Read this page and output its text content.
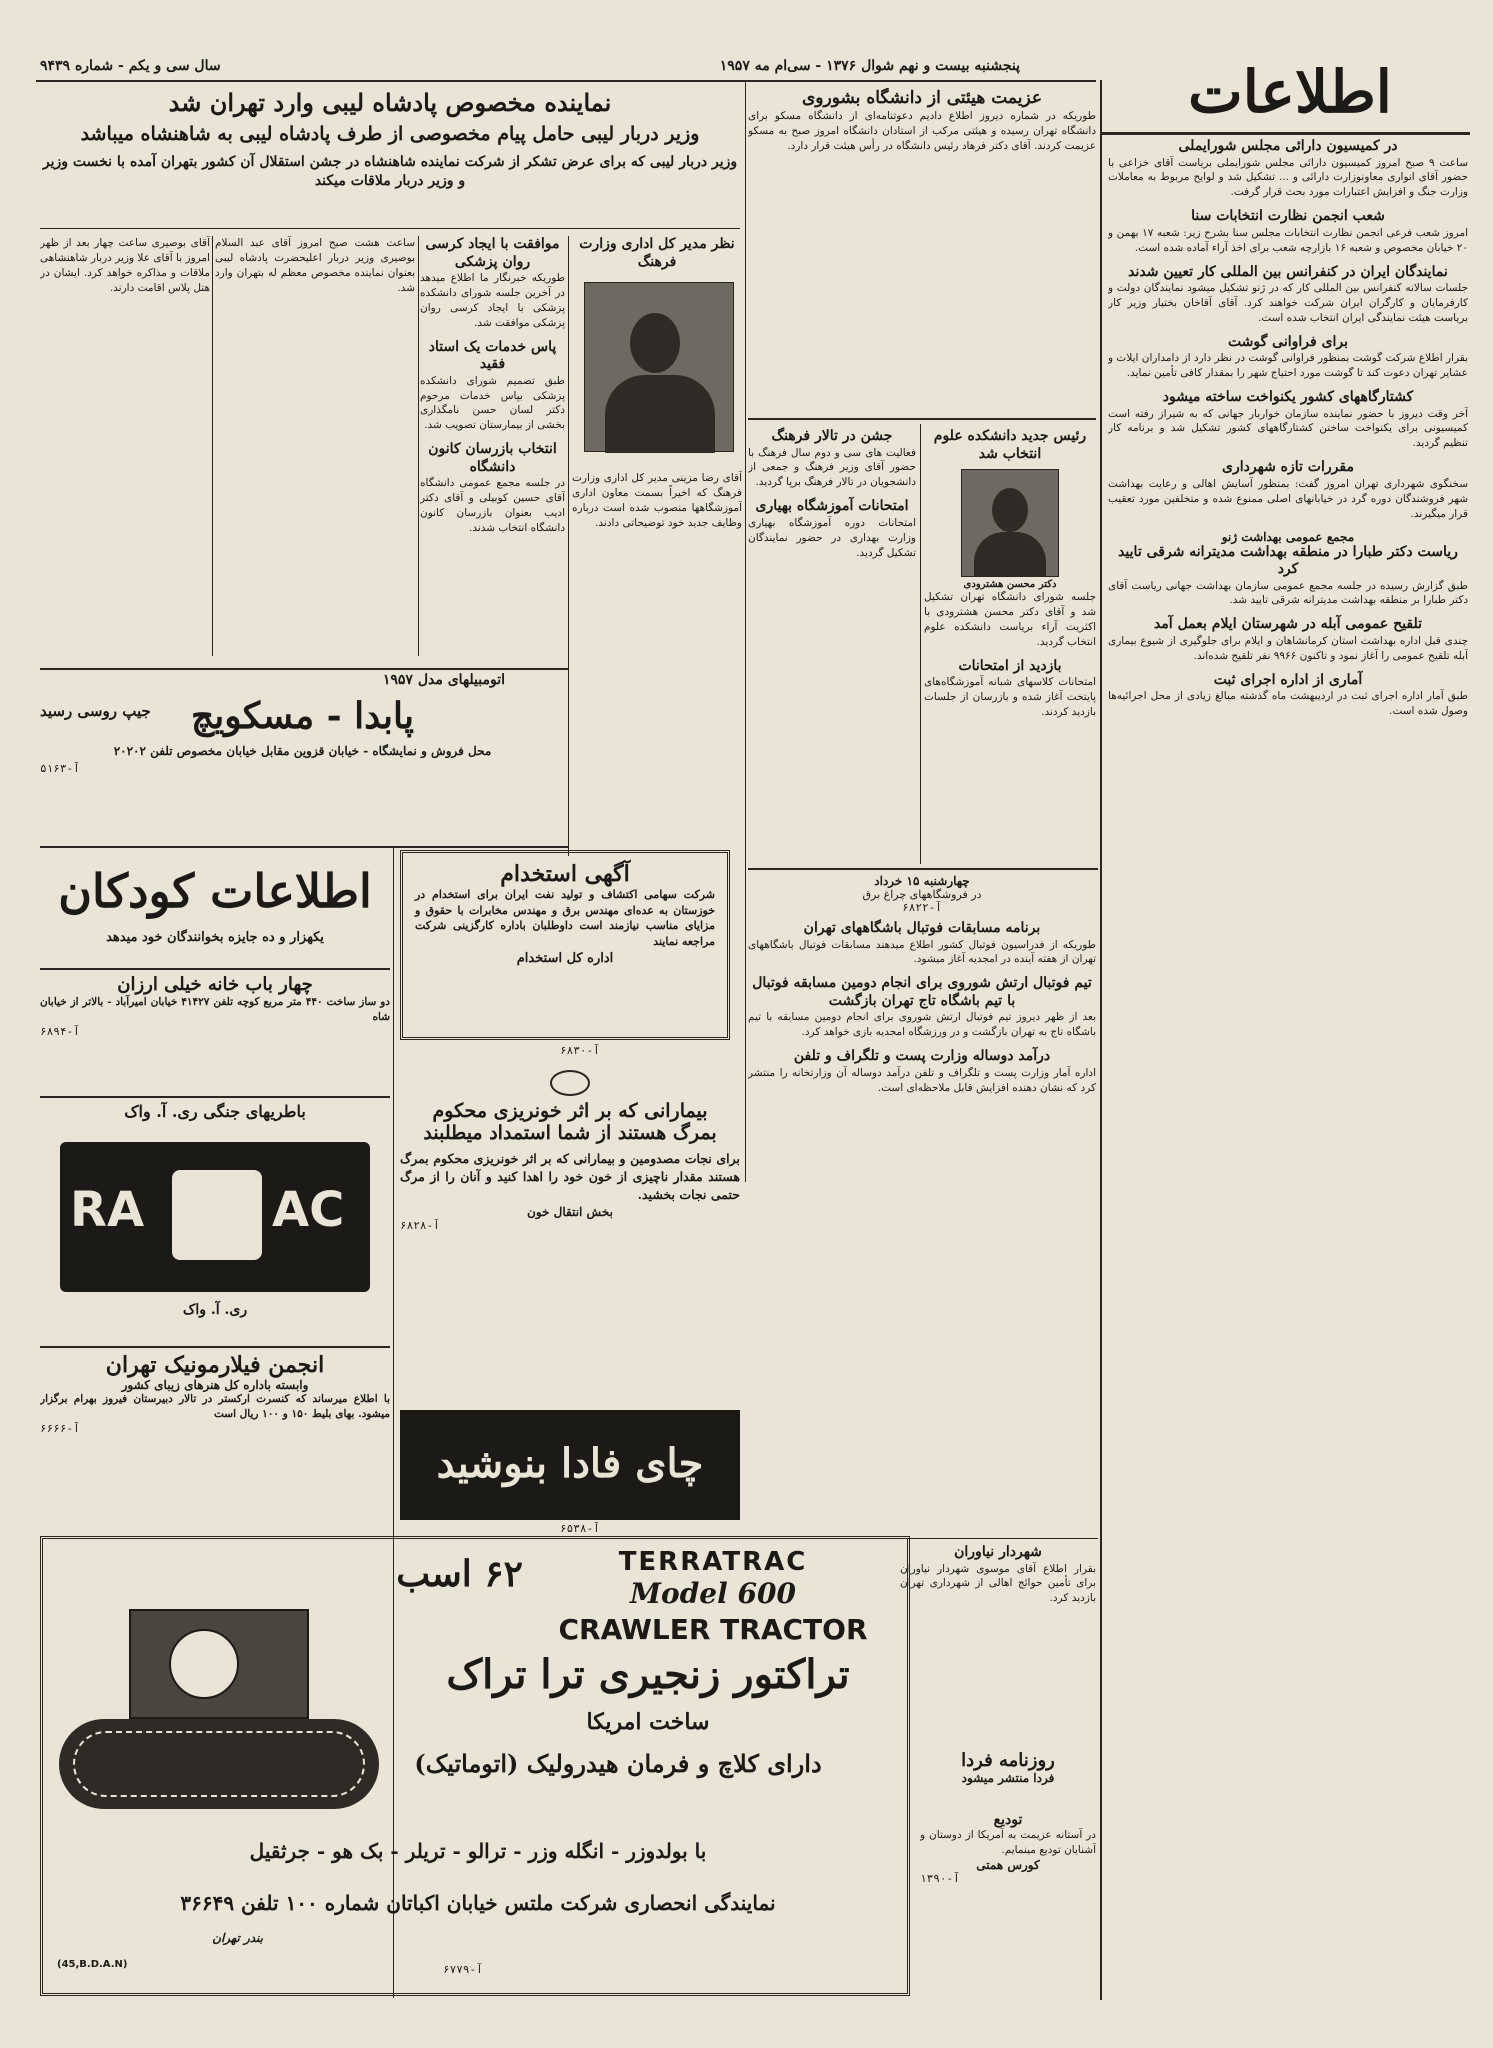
پنجشنبه بیست و نهم شوال ۱۳۷۶ - سی‌ام مه ۱۹۵۷
سال سی و یکم - شماره ۹۴۳۹	اطلاعات
در کمیسیون دارائی مجلس شورایملی
ساعت ۹ صبح امروز کمیسیون دارائی مجلس شورایملی برياست آقای خزاعی با حضور آقای انواری معاونوزارت دارائی و ... تشکیل شد و لوایح مربوط به معاملات وزارت جنگ و افزایش اعتبارات مورد بحث قرار گرفت.
شعب انجمن نظارت انتخابات سنا
امروز شعب فرعی انجمن نظارت انتخابات مجلس سنا بشرح زیر: شعبه ۱۷ بهمن و ۲۰ خیابان مخصوص و شعبه ۱۶ بازارچه شعب برای اخذ آراء آماده شده است.
نمایندگان ایران در کنفرانس بین المللی کار تعیین شدند
جلسات سالانه کنفرانس بین المللی کار که در ژنو تشکیل میشود نمایندگان دولت و کارفرمایان و کارگران ایران شرکت خواهند کرد. آقای آقاخان بختیار وزیر کار بریاست هیئت نمایندگی ایران انتخاب شده است.
برای فراوانی گوشت
بقرار اطلاع شرکت گوشت بمنظور فراوانی گوشت در نظر دارد از دامداران ایلات و عشایر تهران دعوت کند تا گوشت مورد احتیاج شهر را بمقدار کافی تأمین نماید.
کشتارگاههای کشور یکنواخت ساخته میشود
آخر وقت دیروز با حضور نماینده سازمان خواربار جهانی که به شیراز رفته است کمیسیونی برای یکنواخت ساختن کشتارگاههای کشور تشکیل شد و برنامه کار تنظیم گردید.
مقررات تازه شهرداری
سخنگوی شهرداری تهران امروز گفت: بمنظور آسایش اهالی و رعایت بهداشت شهر فروشندگان دوره گرد در خیابانهای اصلی ممنوع شده و متخلفین مورد تعقیب قرار میگیرند.
مجمع عمومی بهداشت ژنو
ریاست دکتر طبارا در منطقه بهداشت مدیترانه شرقی تایید کرد
طبق گزارش رسیده در جلسه مجمع عمومی سازمان بهداشت جهانی ریاست آقای دکتر طبارا بر منطقه بهداشت مدیترانه شرقی تایید شد.
تلقیح عمومی آبله در شهرستان ایلام بعمل آمد
چندی قبل اداره بهداشت استان کرمانشاهان و ایلام برای جلوگیری از شیوع بیماری آبله تلقیح عمومی را آغاز نمود و تاکنون ۹۹۶۶ نفر تلقیح شده‌اند.
آماری از اداره اجرای ثبت
طبق آمار اداره اجرای ثبت در اردیبهشت ماه گذشته مبالغ زیادی از محل اجرائیه‌ها وصول شده است.
نماینده مخصوص پادشاه لیبی وارد تهران شد
وزیر دربار لیبی حامل پیام مخصوصی از طرف پادشاه لیبی به شاهنشاه میباشد
وزیر دربار لیبی که برای عرض تشکر از شرکت نماینده شاهنشاه در جشن استقلال آن کشور بتهران آمده با نخست وزیر و وزیر دربار ملاقات میکند
ساعت هشت صبح امروز آقای عبد السلام بوصیری وزیر دربار اعلیحضرت پادشاه لیبی بعنوان نماینده مخصوص معظم له بتهران وارد شد.
آقای بوصیری ساعت چهار بعد از ظهر امروز با آقای علا وزیر دربار شاهنشاهی ملاقات و مذاکره خواهد کرد. ایشان در هتل پلاس اقامت دارند.
موافقت با ایجاد کرسی روان پزشکی
طوریکه خبرنگار ما اطلاع میدهد در آخرین جلسه شورای دانشکده پزشکی با ایجاد کرسی روان پزشکی موافقت شد.
پاس خدمات یک استاد فقید
طبق تصمیم شورای دانشکده پزشکی بپاس خدمات مرحوم دکتر لسان حسن نامگذاری بخشی از بیمارستان تصویب شد.
انتخاب بازرسان کانون دانشگاه
در جلسه مجمع عمومی دانشگاه آقای حسین کوبیلی و آقای دکتر ادیب بعنوان بازرسان کانون دانشگاه انتخاب شدند.
نظر مدیر کل اداری وزارت فرهنگ
آقای رضا مزینی مدیر کل اداری وزارت فرهنگ که اخیراً بسمت معاون اداری آموزشگاهها منصوب شده است درباره وظایف جدید خود توضیحاتی دادند.
عزیمت هیئتی از دانشگاه بشوروی
طوریکه در شماره دیروز اطلاع دادیم دعوتنامه‌ای از دانشگاه مسکو برای دانشگاه تهران رسیده و هیئتی مرکب از استادان دانشگاه امروز صبح به مسکو عزیمت کردند. آقای دکتر فرهاد رئیس دانشگاه در رأس هیئت قرار دارد.
رئیس جدید دانشکده علوم انتخاب شد
دکتر محسن هشترودی
جلسه شورای دانشگاه تهران تشکیل شد و آقای دکتر محسن هشترودی با اکثریت آراء بریاست دانشکده علوم انتخاب گردید.
بازدید از امتحانات
امتحانات کلاسهای شبانه آموزشگاه‌های پایتخت آغاز شده و بازرسان از جلسات بازدید کردند.
جشن در تالار فرهنگ
فعالیت های سی و دوم سال فرهنگ با حضور آقای وزیر فرهنگ و جمعی از دانشجویان در تالار فرهنگ برپا گردید.
امتحانات آموزشگاه بهیاری
امتحانات دوره آموزشگاه بهیاری وزارت بهداری در حضور نمایندگان تشکیل گردید.
اتومبیلهای مدل ۱۹۵۷
جیپ روسی رسید	پابدا - مسکویچ
محل فروش و نمایشگاه - خیابان قزوین مقابل خیابان مخصوص تلفن ۲۰۲۰۲
آ-۵۱۶۳
اطلاعات کودکان
یکهزار و ده جایزه بخوانندگان خود میدهد
چهار باب خانه خیلی ارزان
دو ساز ساخت ۴۴۰ متر مربع کوچه تلفن ۴۱۴۲۷ خیابان امیرآباد - بالاتر از خیابان شاه
آ-۶۸۹۴
باطریهای جنگی ری. آ. واک
RA	AC
ری. آ. واک
انجمن فیلارمونیک تهران
وابسته باداره کل هنرهای زیبای کشور
با اطلاع میرساند که کنسرت ارکستر در تالار دبیرستان فیروز بهرام برگزار میشود. بهای بلیط ۱۵۰ و ۱۰۰ ریال است
آ-۶۶۶۶
آگهی استخدام
شرکت سهامی اکتشاف و تولید نفت ایران برای استخدام در خوزستان به عده‌ای مهندس برق و مهندس مخابرات با حقوق و مزایای مناسب نیازمند است داوطلبان باداره کارگزینی شرکت مراجعه نمایند
اداره کل استخدام
آ-۶۸۳۰
بیمارانی که بر اثر خونریزی محکوم
بمرگ هستند از شما استمداد میطلبند
برای نجات مصدومین و بیمارانی که بر اثر خونریزی محکوم بمرگ هستند مقدار ناچیزی از خون خود را اهدا کنید و آنان را از مرگ حتمی نجات بخشید.
بخش انتقال خون
آ-۶۸۲۸
چای فادا بنوشید
آ-۶۵۳۸
چهارشنبه ۱۵ خرداد
در فروشگاههای چراغ برق
آ-۶۸۲۲
برنامه مسابقات فوتبال باشگاههای تهران
طوریکه از فدراسیون فوتبال کشور اطلاع میدهند مسابقات فوتبال باشگاههای تهران از هفته آینده در امجدیه آغاز میشود.
تیم فوتبال ارتش شوروی برای انجام دومین مسابقه فوتبال با تیم باشگاه تاج تهران بازگشت
بعد از ظهر دیروز تیم فوتبال ارتش شوروی برای انجام دومین مسابقه با تیم باشگاه تاج به تهران بازگشت و در ورزشگاه امجدیه بازی خواهد کرد.
درآمد دوساله وزارت پست و تلگراف و تلفن
اداره آمار وزارت پست و تلگراف و تلفن درآمد دوساله آن وزارتخانه را منتشر کرد که نشان دهنده افزایش قابل ملاحظه‌ای است.
شهردار نیاوران
بقرار اطلاع آقای موسوی شهردار نیاوران برای تأمین حوائج اهالی از شهرداری تهران بازدید کرد.
روزنامه فردا
فردا منتشر میشود
تودیع
در آستانه عزیمت به آمریکا از دوستان و آشنایان تودیع مینمایم.
کورس همتی
آ-۱۳۹۰
TERRATRAC
Model 600
CRAWLER TRACTOR
۶۲ اسب
تراکتور زنجیری ترا تراک
ساخت امریکا
دارای کلاچ و فرمان هیدرولیک (اتوماتیک)
با بولدوزر - انگله وزر - ترالو - تریلر - بک هو - جرثقیل
نمایندگی انحصاری شرکت ملتس خیابان اکباتان شماره ۱۰۰ تلفن ۳۶۶۴۹
بندر تهران
(45,B.D.A.N)	آ-۶۷۷۹
